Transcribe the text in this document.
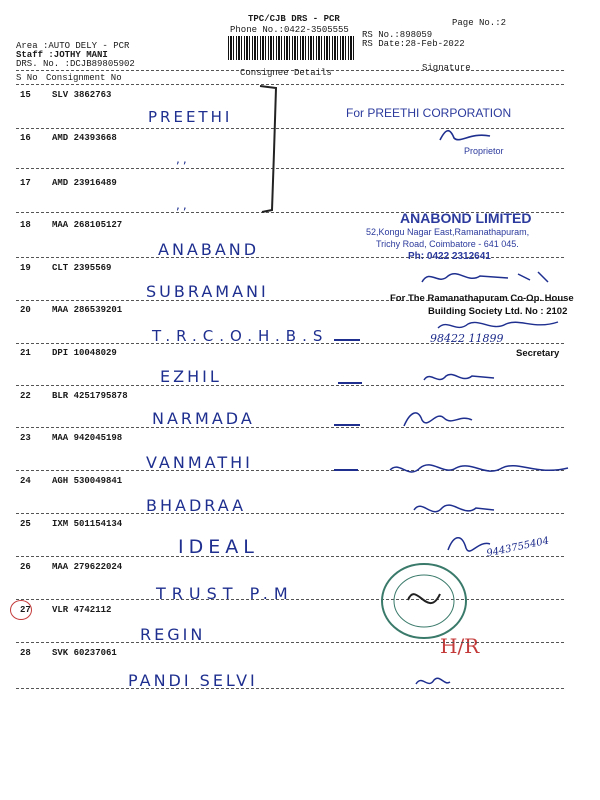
TPC/CJB DRS - PCR
Phone No.:0422-3505555
Page No.:2
Area :AUTO DELY - PCR
Staff :JOTHY MANI
DRS. No. :DCJB89805902
RS No.:898059
RS Date:28-Feb-2022
S No Consignment No	Consignee Details	Signature
15 SLV 3862763
PREETHI
16 AMD 24393668
,,
17 AMD 23916489
,,
18 MAA 268105127
ANABAND
19 CLT 2395569
SUBRAMANI
20 MAA 286539201
T.R.C.O.H.B.S	98422 11899
21 DPI 10048029
EZHIL
22 BLR 4251795878
NARMADA
23 MAA 942045198
VANMATHI
24 AGH 530049841
BHADRAA
25 IXM 501154134
IDEAL	9443755404
26 MAA 279622024
TRUST P.M
27 VLR 4742112
REGIN	H/R
28 SVK 60237061
PANDI SELVI
For PREETHI CORPORATION
Proprietor
ANABOND LIMITED
52,Kongu Nagar East,Ramanathapuram,
Trichy Road, Coimbatore - 641 045.
Ph: 0422 2312641
For The Ramanathapuram Co-Op. House
Building Society Ltd. No : 2102
Secretary
